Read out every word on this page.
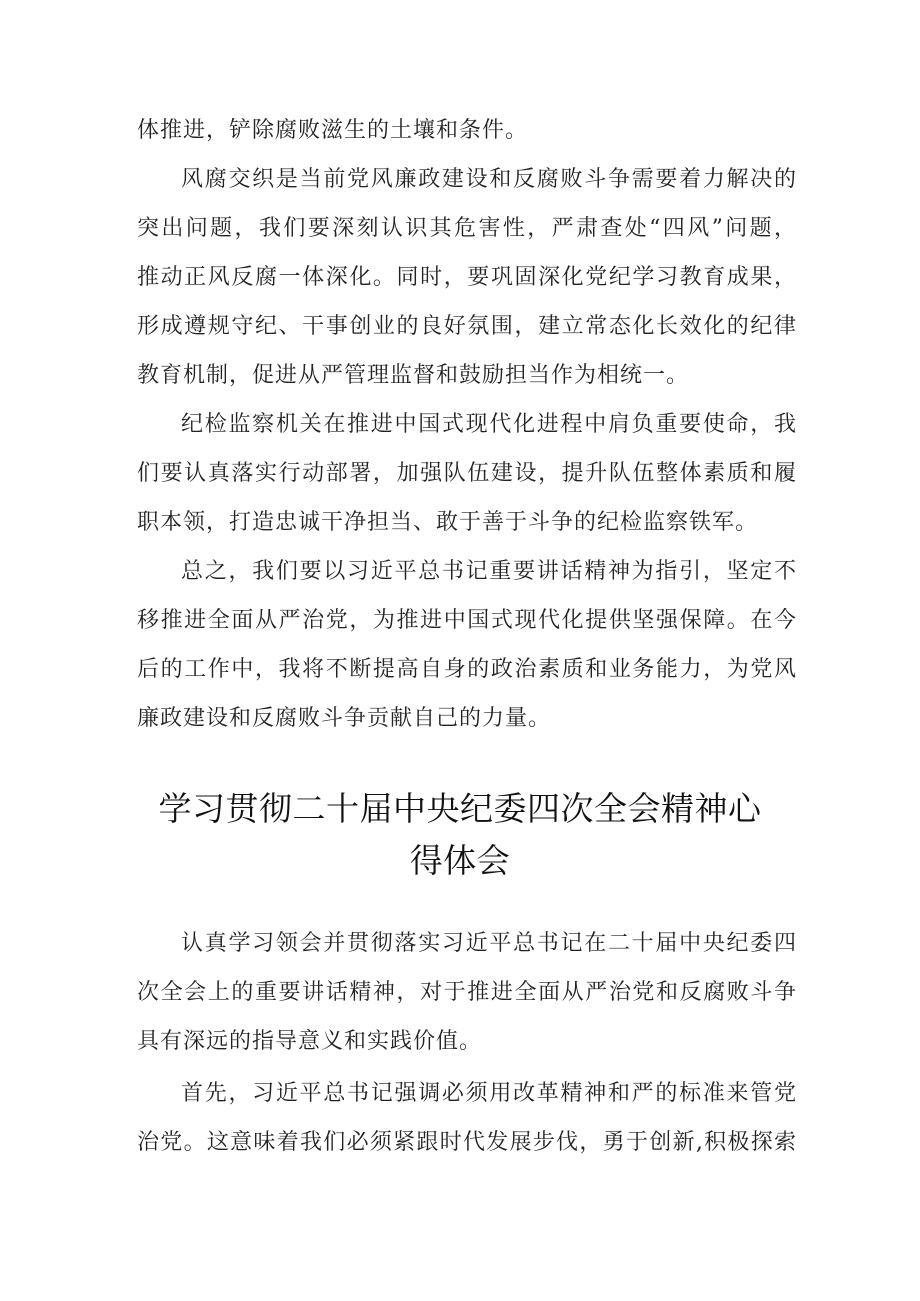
体推进，铲除腐败滋生的土壤和条件。
风腐交织是当前党风廉政建设和反腐败斗争需要着力解决的
突出问题，我们要深刻认识其危害性，严肃查处“四风”问题，
推动正风反腐一体深化。同时，要巩固深化党纪学习教育成果，
形成遵规守纪、干事创业的良好氛围，建立常态化长效化的纪律
教育机制，促进从严管理监督和鼓励担当作为相统一。
纪检监察机关在推进中国式现代化进程中肩负重要使命，我
们要认真落实行动部署，加强队伍建设，提升队伍整体素质和履
职本领，打造忠诚干净担当、敢于善于斗争的纪检监察铁军。
总之，我们要以习近平总书记重要讲话精神为指引，坚定不
移推进全面从严治党，为推进中国式现代化提供坚强保障。在今
后的工作中，我将不断提高自身的政治素质和业务能力，为党风
廉政建设和反腐败斗争贡献自己的力量。
学习贯彻二十届中央纪委四次全会精神心
得体会
认真学习领会并贯彻落实习近平总书记在二十届中央纪委四
次全会上的重要讲话精神，对于推进全面从严治党和反腐败斗争
具有深远的指导意义和实践价值。
首先，习近平总书记强调必须用改革精神和严的标准来管党
治党。这意味着我们必须紧跟时代发展步伐，勇于创新,积极探索
